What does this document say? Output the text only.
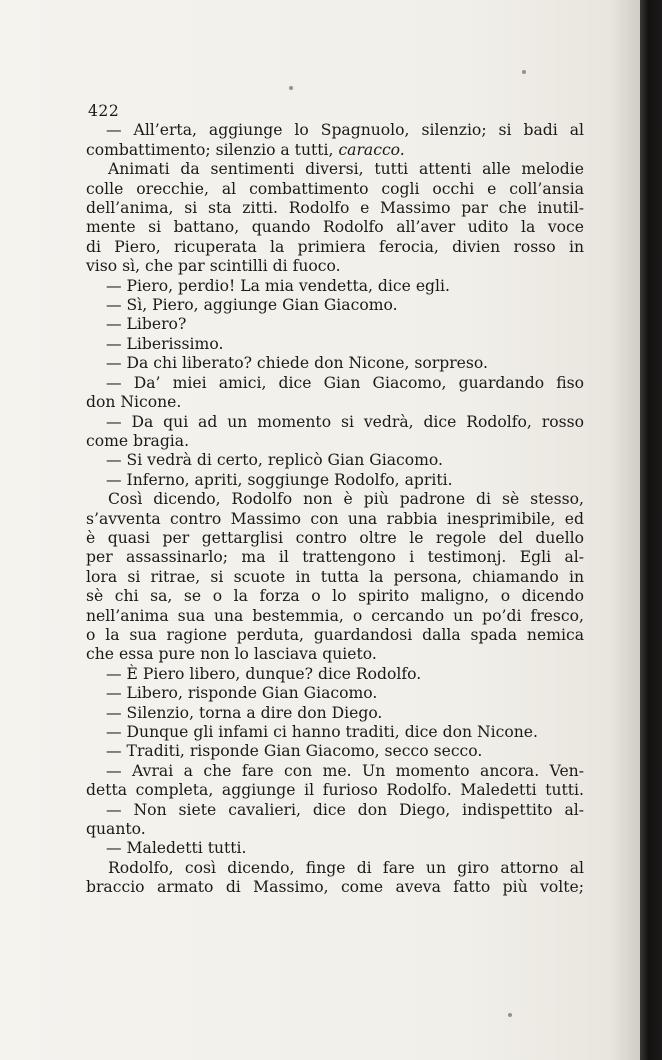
422
— All’erta, aggiunge lo Spagnuolo, silenzio; si badi al
combattimento; silenzio a tutti, caracco.
Animati da sentimenti diversi, tutti attenti alle melodie
colle orecchie, al combattimento cogli occhi e coll’ansia
dell’anima, si sta zitti. Rodolfo e Massimo par che inutil-
mente si battano, quando Rodolfo all’aver udito la voce
di Piero, ricuperata la primiera ferocia, divien rosso in
viso sì, che par scintilli di fuoco.
— Piero, perdio! La mia vendetta, dice egli.
— Sì, Piero, aggiunge Gian Giacomo.
— Libero?
— Liberissimo.
— Da chi liberato? chiede don Nicone, sorpreso.
— Da’ miei amici, dice Gian Giacomo, guardando fiso
don Nicone.
— Da qui ad un momento si vedrà, dice Rodolfo, rosso
come bragia.
— Si vedrà di certo, replicò Gian Giacomo.
— Inferno, apriti, soggiunge Rodolfo, apriti.
Così dicendo, Rodolfo non è più padrone di sè stesso,
s’avventa contro Massimo con una rabbia inesprimibile, ed
è quasi per gettarglisi contro oltre le regole del duello
per assassinarlo; ma il trattengono i testimonj. Egli al-
lora si ritrae, si scuote in tutta la persona, chiamando in
sè chi sa, se o la forza o lo spirito maligno, o dicendo
nell’anima sua una bestemmia, o cercando un po’di fresco,
o la sua ragione perduta, guardandosi dalla spada nemica
che essa pure non lo lasciava quieto.
— È Piero libero, dunque? dice Rodolfo.
— Libero, risponde Gian Giacomo.
— Silenzio, torna a dire don Diego.
— Dunque gli infami ci hanno traditi, dice don Nicone.
— Traditi, risponde Gian Giacomo, secco secco.
— Avrai a che fare con me. Un momento ancora. Ven-
detta completa, aggiunge il furioso Rodolfo. Maledetti tutti.
— Non siete cavalieri, dice don Diego, indispettito al-
quanto.
— Maledetti tutti.
Rodolfo, così dicendo, finge di fare un giro attorno al
braccio armato di Massimo, come aveva fatto più volte;
